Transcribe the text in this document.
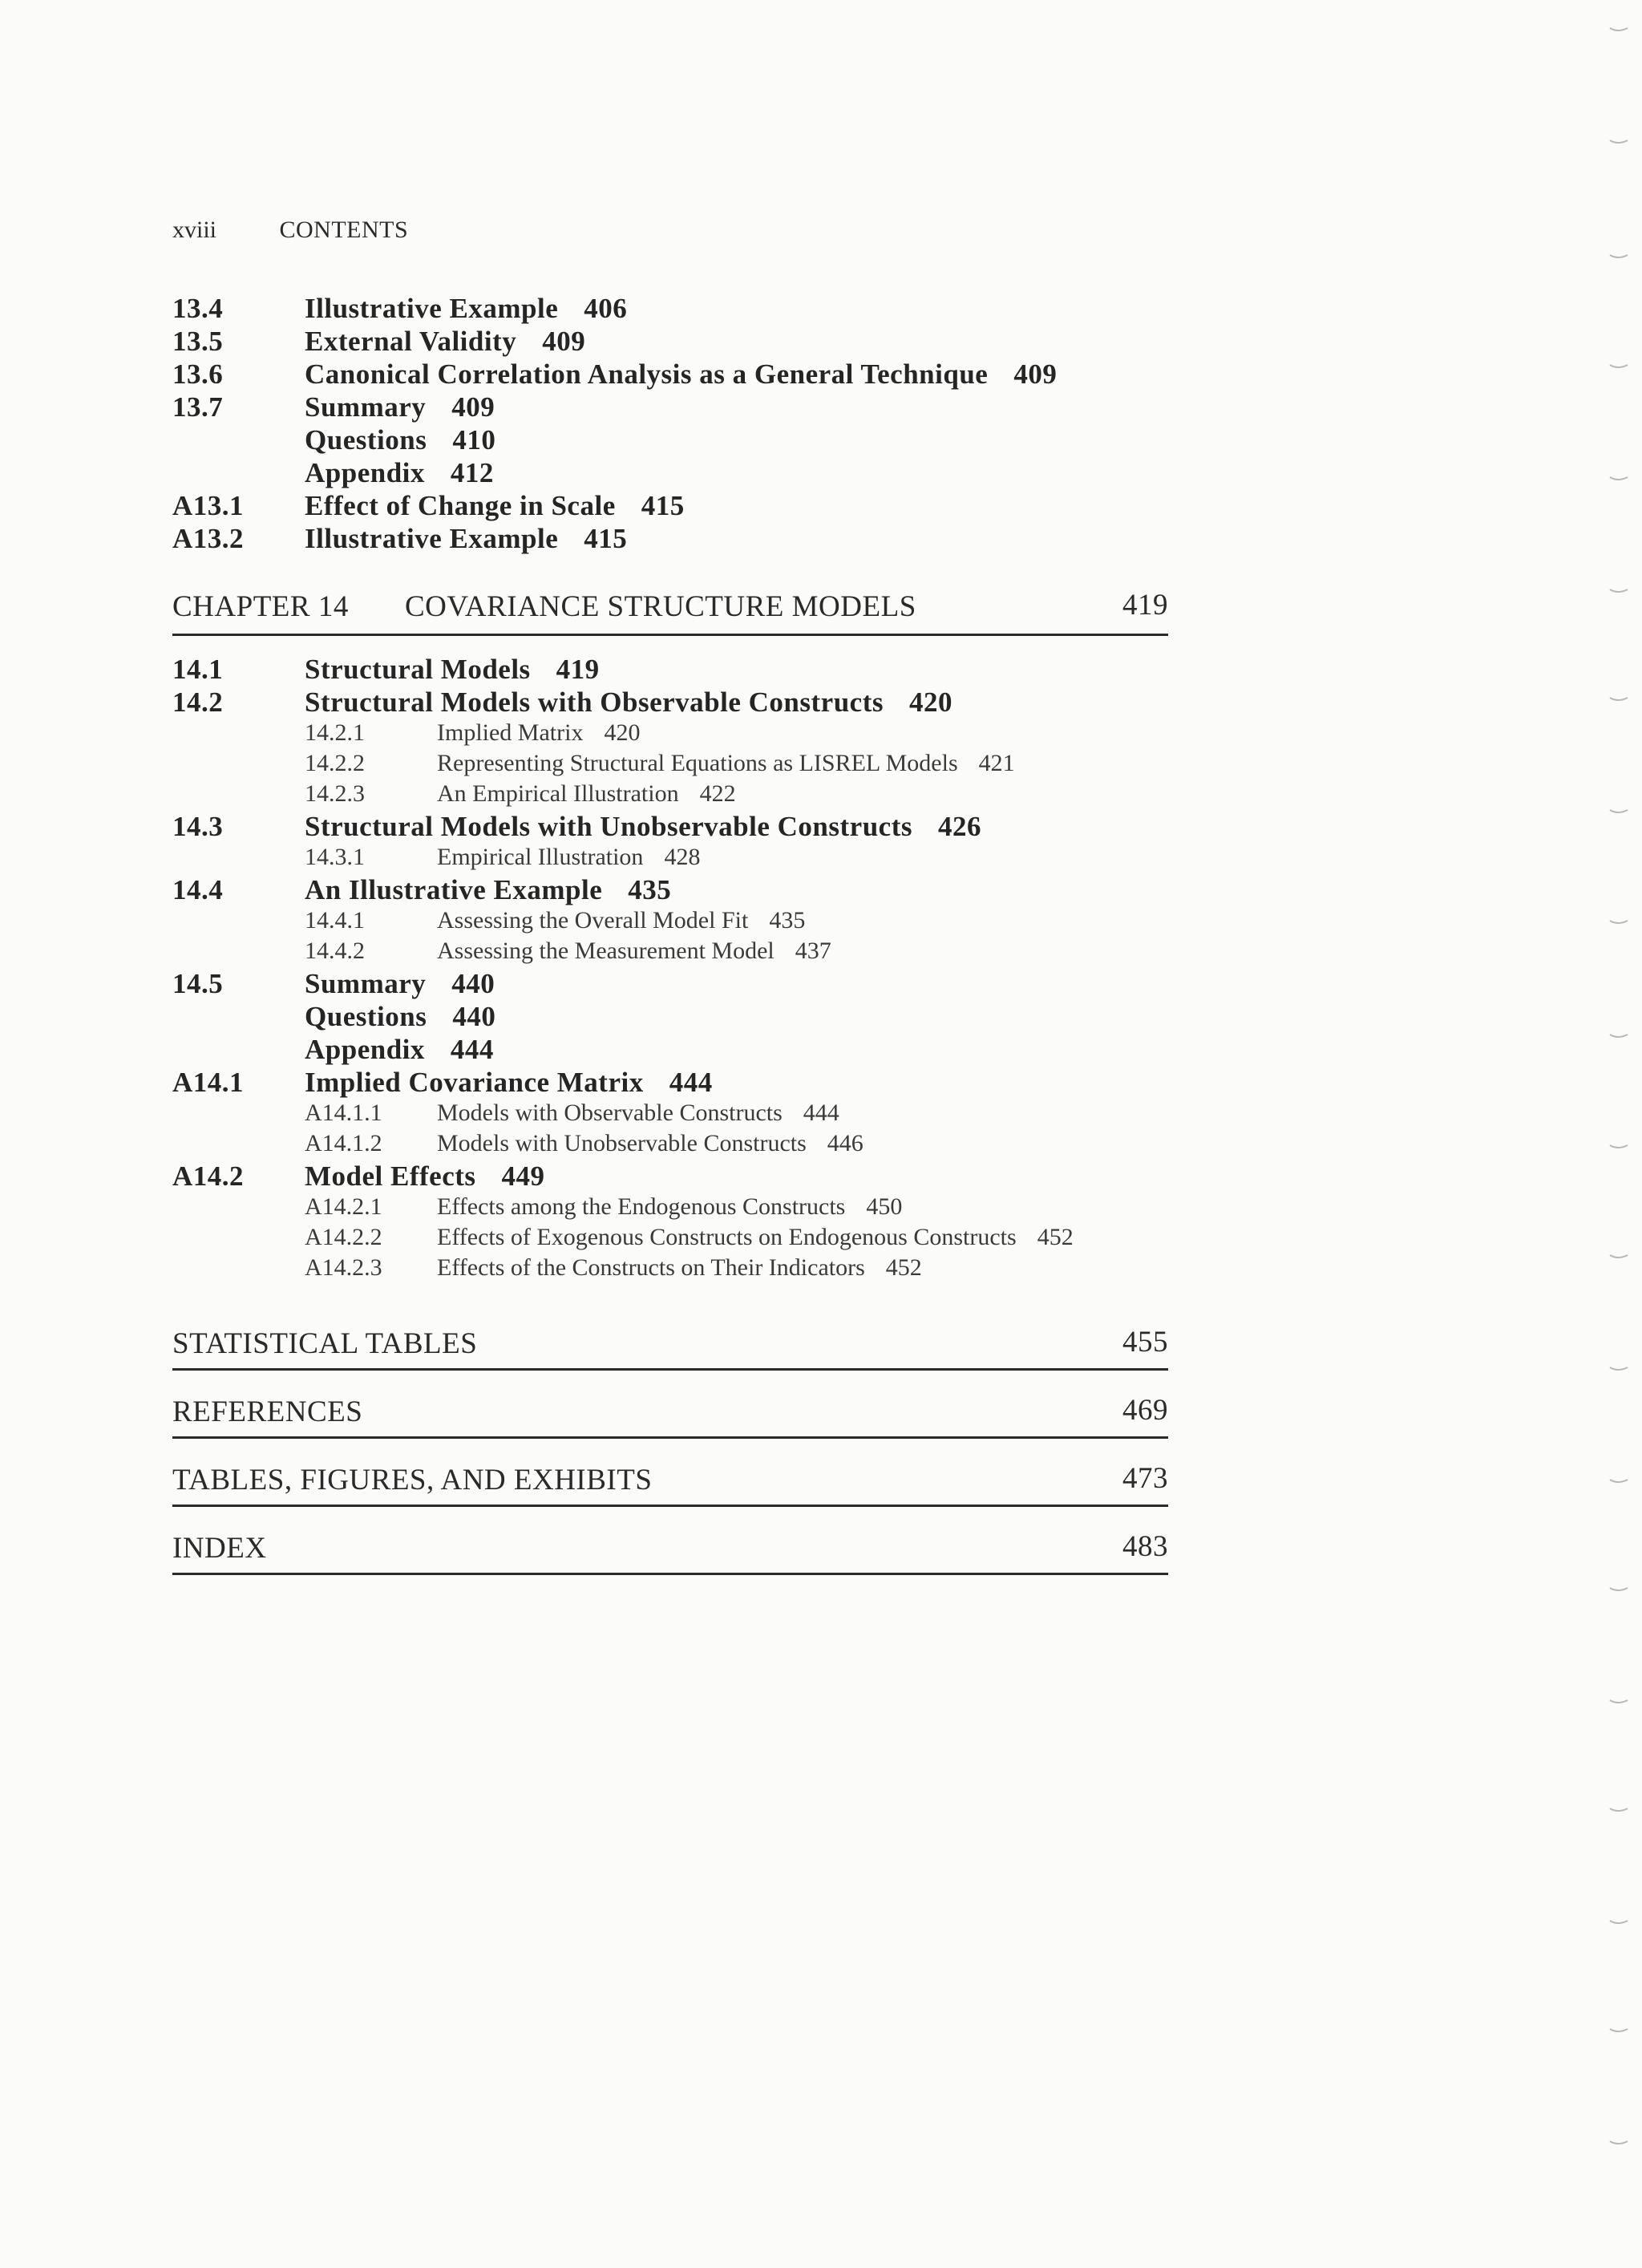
xviii	CONTENTS
13.4	Illustrative Example 406
13.5	External Validity 409
13.6	Canonical Correlation Analysis as a General Technique 409
13.7	Summary 409
Questions 410
Appendix 412
A13.1 Effect of Change in Scale 415
A13.2 Illustrative Example 415
CHAPTER 14 COVARIANCE STRUCTURE MODELS	419
14.1	Structural Models 419
14.2	Structural Models with Observable Constructs 420
14.2.1	Implied Matrix 420
14.2.2	Representing Structural Equations as LISREL Models 421
14.2.3	An Empirical Illustration 422
14.3	Structural Models with Unobservable Constructs 426
14.3.1	Empirical Illustration 428
14.4	An Illustrative Example 435
14.4.1	Assessing the Overall Model Fit 435
14.4.2	Assessing the Measurement Model 437
14.5	Summary 440
Questions 440
Appendix 444
A14.1 Implied Covariance Matrix 444
A14.1.1 Models with Observable Constructs 444
A14.1.2 Models with Unobservable Constructs 446
A14.2 Model Effects 449
A14.2.1 Effects among the Endogenous Constructs 450
A14.2.2 Effects of Exogenous Constructs on Endogenous Constructs 452
A14.2.3 Effects of the Constructs on Their Indicators 452
STATISTICAL TABLES	455
REFERENCES	469
TABLES, FIGURES, AND EXHIBITS	473
INDEX	483
